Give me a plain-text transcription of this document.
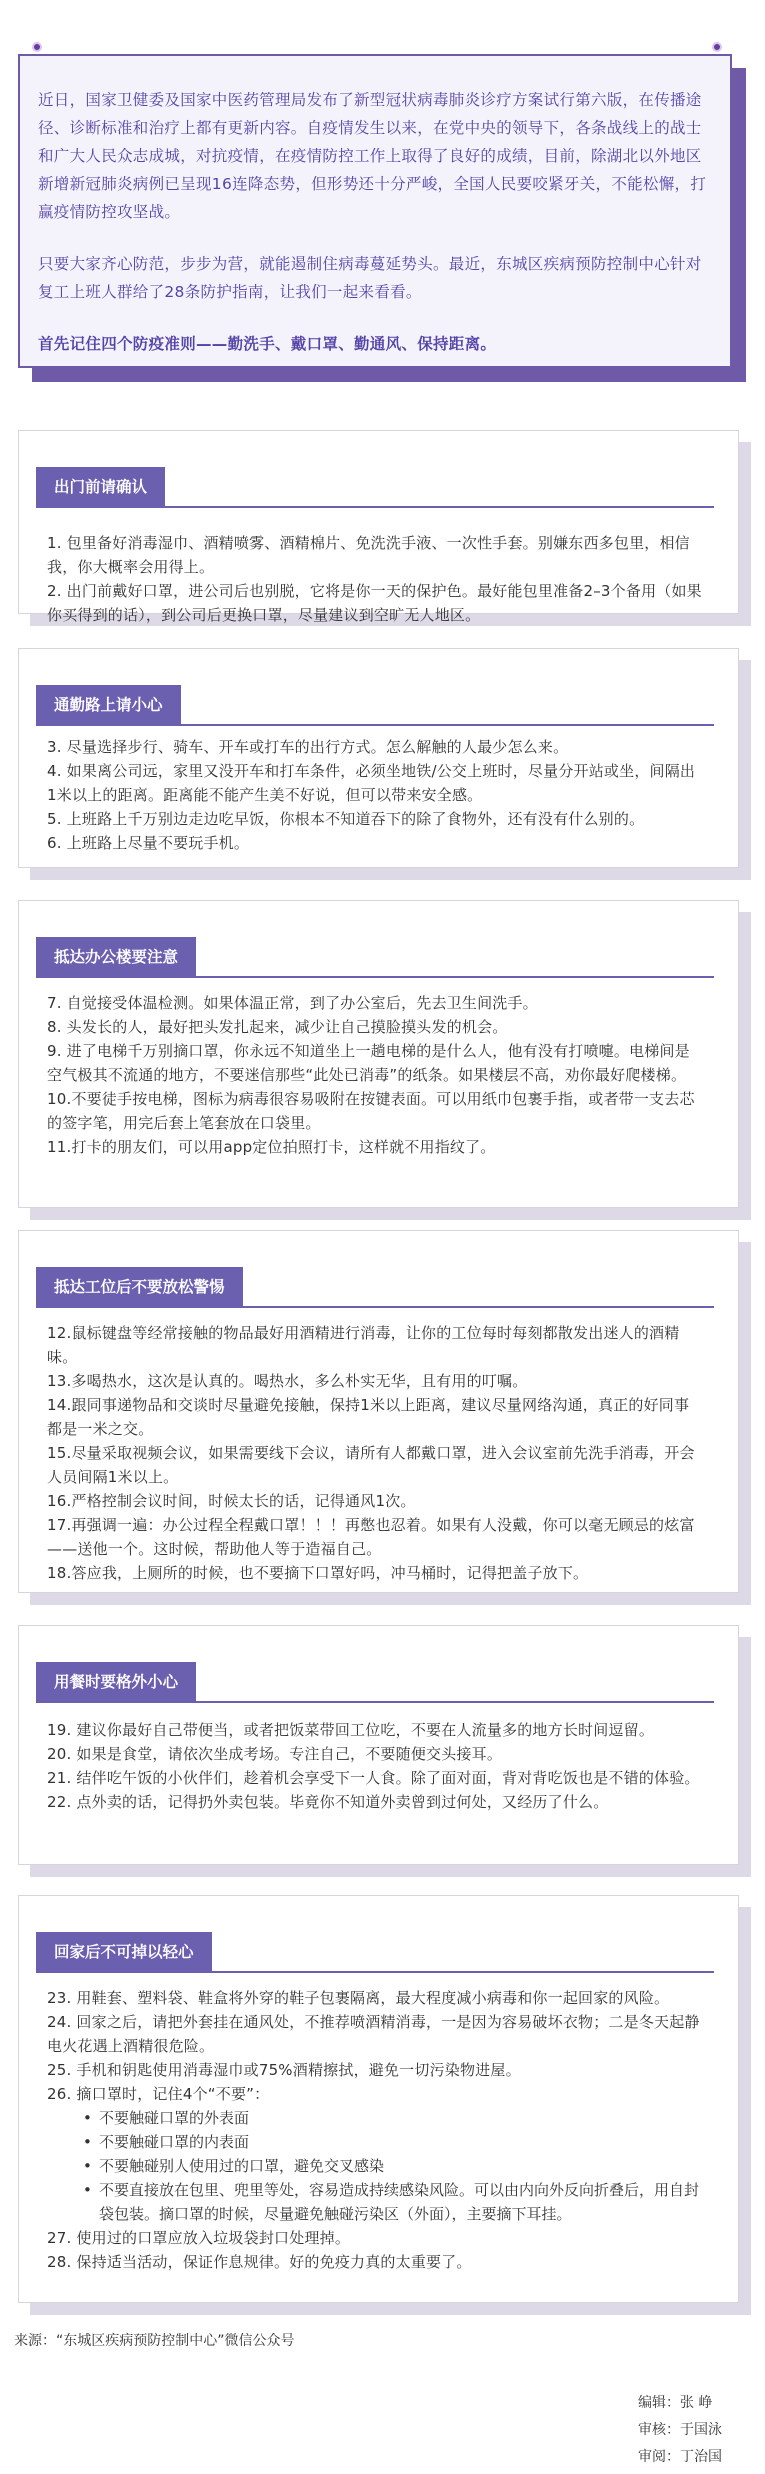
近日，国家卫健委及国家中医药管理局发布了新型冠状病毒肺炎诊疗方案试行第六版，在传播途径、诊断标准和治疗上都有更新内容。自疫情发生以来，在党中央的领导下，各条战线上的战士和广大人民众志成城，对抗疫情，在疫情防控工作上取得了良好的成绩，目前，除湖北以外地区新增新冠肺炎病例已呈现16连降态势，但形势还十分严峻，全国人民要咬紧牙关，不能松懈，打赢疫情防控攻坚战。

只要大家齐心防范，步步为营，就能遏制住病毒蔓延势头。最近，东城区疾病预防控制中心针对复工上班人群给了28条防护指南，让我们一起来看看。

首先记住四个防疫准则——勤洗手、戴口罩、勤通风、保持距离。

出门前请确认

1. 包里备好消毒湿巾、酒精喷雾、酒精棉片、免洗洗手液、一次性手套。别嫌东西多包里，相信我，你大概率会用得上。

2. 出门前戴好口罩，进公司后也别脱，它将是你一天的保护色。最好能包里准备2–3个备用（如果你买得到的话），到公司后更换口罩，尽量建议到空旷无人地区。

通勤路上请小心

3. 尽量选择步行、骑车、开车或打车的出行方式。怎么解触的人最少怎么来。

4. 如果离公司远，家里又没开车和打车条件，必须坐地铁/公交上班时，尽量分开站或坐，间隔出1米以上的距离。距离能不能产生美不好说，但可以带来安全感。

5. 上班路上千万别边走边吃早饭，你根本不知道吞下的除了食物外，还有没有什么别的。

6. 上班路上尽量不要玩手机。

抵达办公楼要注意

7. 自觉接受体温检测。如果体温正常，到了办公室后，先去卫生间洗手。

8. 头发长的人，最好把头发扎起来，减少让自己摸脸摸头发的机会。

9. 进了电梯千万别摘口罩，你永远不知道坐上一趟电梯的是什么人，他有没有打喷嚏。电梯间是空气极其不流通的地方，不要迷信那些“此处已消毒”的纸条。如果楼层不高，劝你最好爬楼梯。

10.不要徒手按电梯，图标为病毒很容易吸附在按键表面。可以用纸巾包裹手指，或者带一支去芯的签字笔，用完后套上笔套放在口袋里。

11.打卡的朋友们，可以用app定位拍照打卡，这样就不用指纹了。

抵达工位后不要放松警惕

12.鼠标键盘等经常接触的物品最好用酒精进行消毒，让你的工位每时每刻都散发出迷人的酒精味。

13.多喝热水，这次是认真的。喝热水，多么朴实无华，且有用的叮嘱。

14.跟同事递物品和交谈时尽量避免接触，保持1米以上距离，建议尽量网络沟通，真正的好同事都是一米之交。

15.尽量采取视频会议，如果需要线下会议，请所有人都戴口罩，进入会议室前先洗手消毒，开会人员间隔1米以上。

16.严格控制会议时间，时候太长的话，记得通风1次。

17.再强调一遍：办公过程全程戴口罩！！！再憋也忍着。如果有人没戴，你可以毫无顾忌的炫富——送他一个。这时候，帮助他人等于造福自己。

18.答应我，上厕所的时候，也不要摘下口罩好吗，冲马桶时，记得把盖子放下。

用餐时要格外小心

19. 建议你最好自己带便当，或者把饭菜带回工位吃，不要在人流量多的地方长时间逗留。

20. 如果是食堂，请依次坐成考场。专注自己，不要随便交头接耳。

21. 结伴吃午饭的小伙伴们，趁着机会享受下一人食。除了面对面，背对背吃饭也是不错的体验。

22. 点外卖的话，记得扔外卖包装。毕竟你不知道外卖曾到过何处，又经历了什么。

回家后不可掉以轻心

23. 用鞋套、塑料袋、鞋盒将外穿的鞋子包裹隔离，最大程度减小病毒和你一起回家的风险。

24. 回家之后，请把外套挂在通风处，不推荐喷酒精消毒，一是因为容易破坏衣物；二是冬天起静电火花遇上酒精很危险。

25. 手机和钥匙使用消毒湿巾或75%酒精擦拭，避免一切污染物进屋。

26. 摘口罩时，记住4个“不要”：

• 不要触碰口罩的外表面
• 不要触碰口罩的内表面
• 不要触碰别人使用过的口罩，避免交叉感染
• 不要直接放在包里、兜里等处，容易造成持续感染风险。可以由内向外反向折叠后，用自封袋包装。摘口罩的时候，尽量避免触碰污染区（外面），主要摘下耳挂。

27. 使用过的口罩应放入垃圾袋封口处理掉。

28. 保持适当活动，保证作息规律。好的免疫力真的太重要了。

来源：“东城区疾病预防控制中心”微信公众号
编辑：张 峥
审核：于国泳
审阅：丁治国
